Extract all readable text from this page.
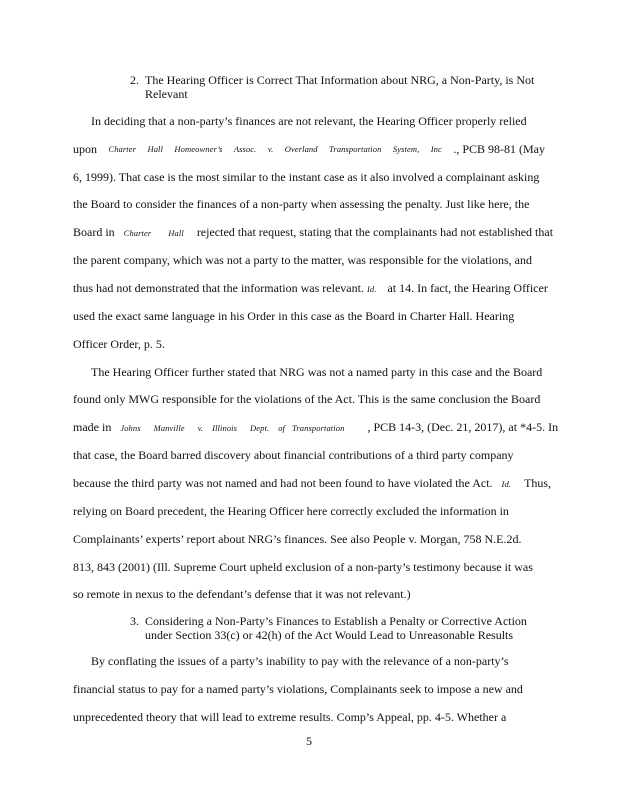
2. The Hearing Officer is Correct That Information about NRG, a Non-Party, is Not Relevant
In deciding that a non-party’s finances are not relevant, the Hearing Officer properly relied
upon Charter Hall Homeowner’s Assoc. v. Overland Transportation System, Inc ., PCB 98-81 (May
6, 1999). That case is the most similar to the instant case as it also involved a complainant asking
the Board to consider the finances of a non-party when assessing the penalty. Just like here, the
Board in Charter Hall rejected that request, stating that the complainants had not established that
the parent company, which was not a party to the matter, was responsible for the violations, and
thus had not demonstrated that the information was relevant. Id. at 14. In fact, the Hearing Officer
used the exact same language in his Order in this case as the Board in Charter Hall. Hearing
Officer Order, p. 5.
The Hearing Officer further stated that NRG was not a named party in this case and the Board
found only MWG responsible for the violations of the Act. This is the same conclusion the Board
made in Johns Manville v. Illinois Dept. of Transportation , PCB 14-3, (Dec. 21, 2017), at *4-5. In
that case, the Board barred discovery about financial contributions of a third party company
because the third party was not named and had not been found to have violated the Act. Id. Thus,
relying on Board precedent, the Hearing Officer here correctly excluded the information in
Complainants’ experts’ report about NRG’s finances. See also People v. Morgan, 758 N.E.2d.
813, 843 (2001) (Ill. Supreme Court upheld exclusion of a non-party’s testimony because it was
so remote in nexus to the defendant’s defense that it was not relevant.)
3. Considering a Non-Party’s Finances to Establish a Penalty or Corrective Action under Section 33(c) or 42(h) of the Act Would Lead to Unreasonable Results
By conflating the issues of a party’s inability to pay with the relevance of a non-party’s
financial status to pay for a named party’s violations, Complainants seek to impose a new and
unprecedented theory that will lead to extreme results. Comp’s Appeal, pp. 4-5. Whether a
5
